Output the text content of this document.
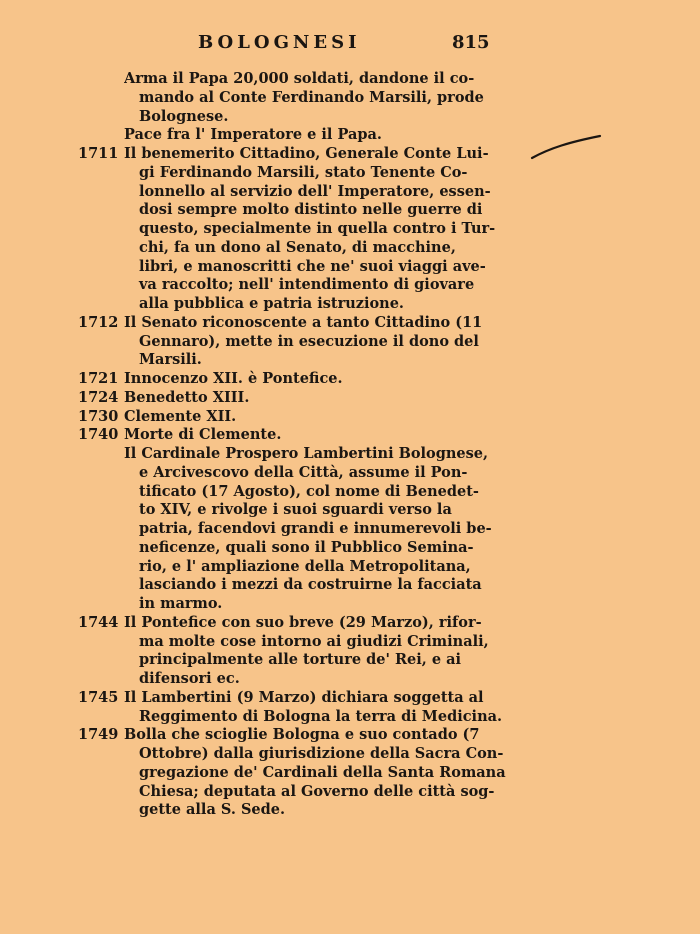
BOLOGNESI	815
Arma il Papa 20,000 soldati, dandone il co-
mando al Conte Ferdinando Marsili, prode
Bolognese.
Pace fra l' Imperatore e il Papa.
1711 Il benemerito Cittadino, Generale Conte Lui-
gi Ferdinando Marsili, stato Tenente Co-
lonnello al servizio dell' Imperatore, essen-
dosi sempre molto distinto nelle guerre di
questo, specialmente in quella contro i Tur-
chi, fa un dono al Senato, di macchine,
libri, e manoscritti che ne' suoi viaggi ave-
va raccolto; nell' intendimento di giovare
alla pubblica e patria istruzione.
1712 Il Senato riconoscente a tanto Cittadino (11
Gennaro), mette in esecuzione il dono del
Marsili.
1721 Innocenzo XII. è Pontefice.
1724 Benedetto XIII.
1730 Clemente XII.
1740 Morte di Clemente.
Il Cardinale Prospero Lambertini Bolognese,
e Arcivescovo della Città, assume il Pon-
tificato (17 Agosto), col nome di Benedet-
to XIV, e rivolge i suoi sguardi verso la
patria, facendovi grandi e innumerevoli be-
neficenze, quali sono il Pubblico Semina-
rio, e l' ampliazione della Metropolitana,
lasciando i mezzi da costruirne la facciata
in marmo.
1744 Il Pontefice con suo breve (29 Marzo), rifor-
ma molte cose intorno ai giudizi Criminali,
principalmente alle torture de' Rei, e ai
difensori ec.
1745 Il Lambertini (9 Marzo) dichiara soggetta al
Reggimento di Bologna la terra di Medicina.
1749 Bolla che scioglie Bologna e suo contado (7
Ottobre) dalla giurisdizione della Sacra Con-
gregazione de' Cardinali della Santa Romana
Chiesa; deputata al Governo delle città sog-
gette alla S. Sede.
